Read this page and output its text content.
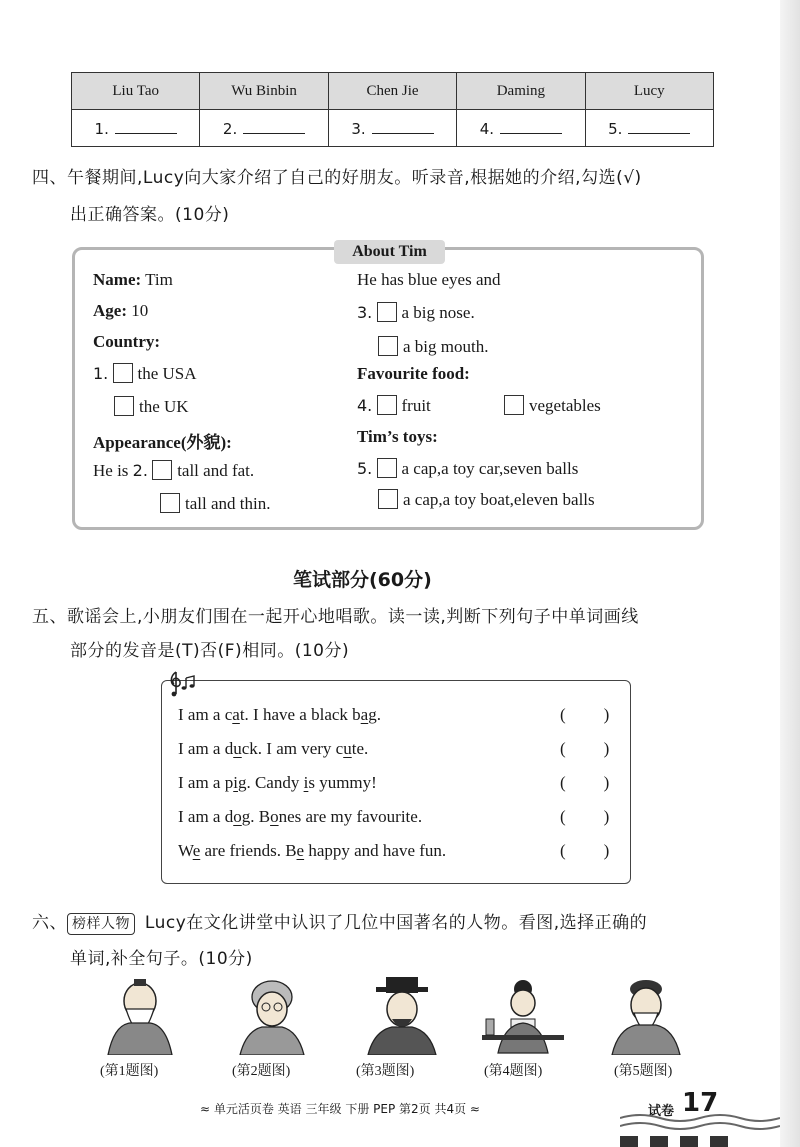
Liu Tao	Wu Binbin	Chen Jie	Daming	Lucy
1.	2.	3.	4.	5.
四、午餐期间,Lucy向大家介绍了自己的好朋友。听录音,根据她的介绍,勾选(√)
出正确答案。(10分)
About Tim
Name: Tim
Age: 10
Country:
1. the USA
the UK
Appearance(外貌):
He is 2. tall and fat.
tall and thin.
He has blue eyes and
3. a big nose.
a big mouth.
Favourite food:
4. fruit	vegetables
Tim’s toys:
5. a cap,a toy car,seven balls
a cap,a toy boat,eleven balls
笔试部分(60分)
五、歌谣会上,小朋友们围在一起开心地唱歌。读一读,判断下列句子中单词画线
部分的发音是(T)否(F)相同。(10分)
I am a cat. I have a black bag.	()
I am a duck. I am very cute.	()
I am a pig. Candy is yummy!	()
I am a dog. Bones are my favourite.	()
We are friends. Be happy and have fun.	()
六、 榜样人物 Lucy在文化讲堂中认识了几位中国著名的人物。看图,选择正确的
单词,补全句子。(10分)
(第1题图)	(第2题图)	(第3题图)	(第4题图)	(第5题图)
≈ 单元活页卷 英语 三年级 下册 PEP 第2页 共4页 ≈	试卷 17
